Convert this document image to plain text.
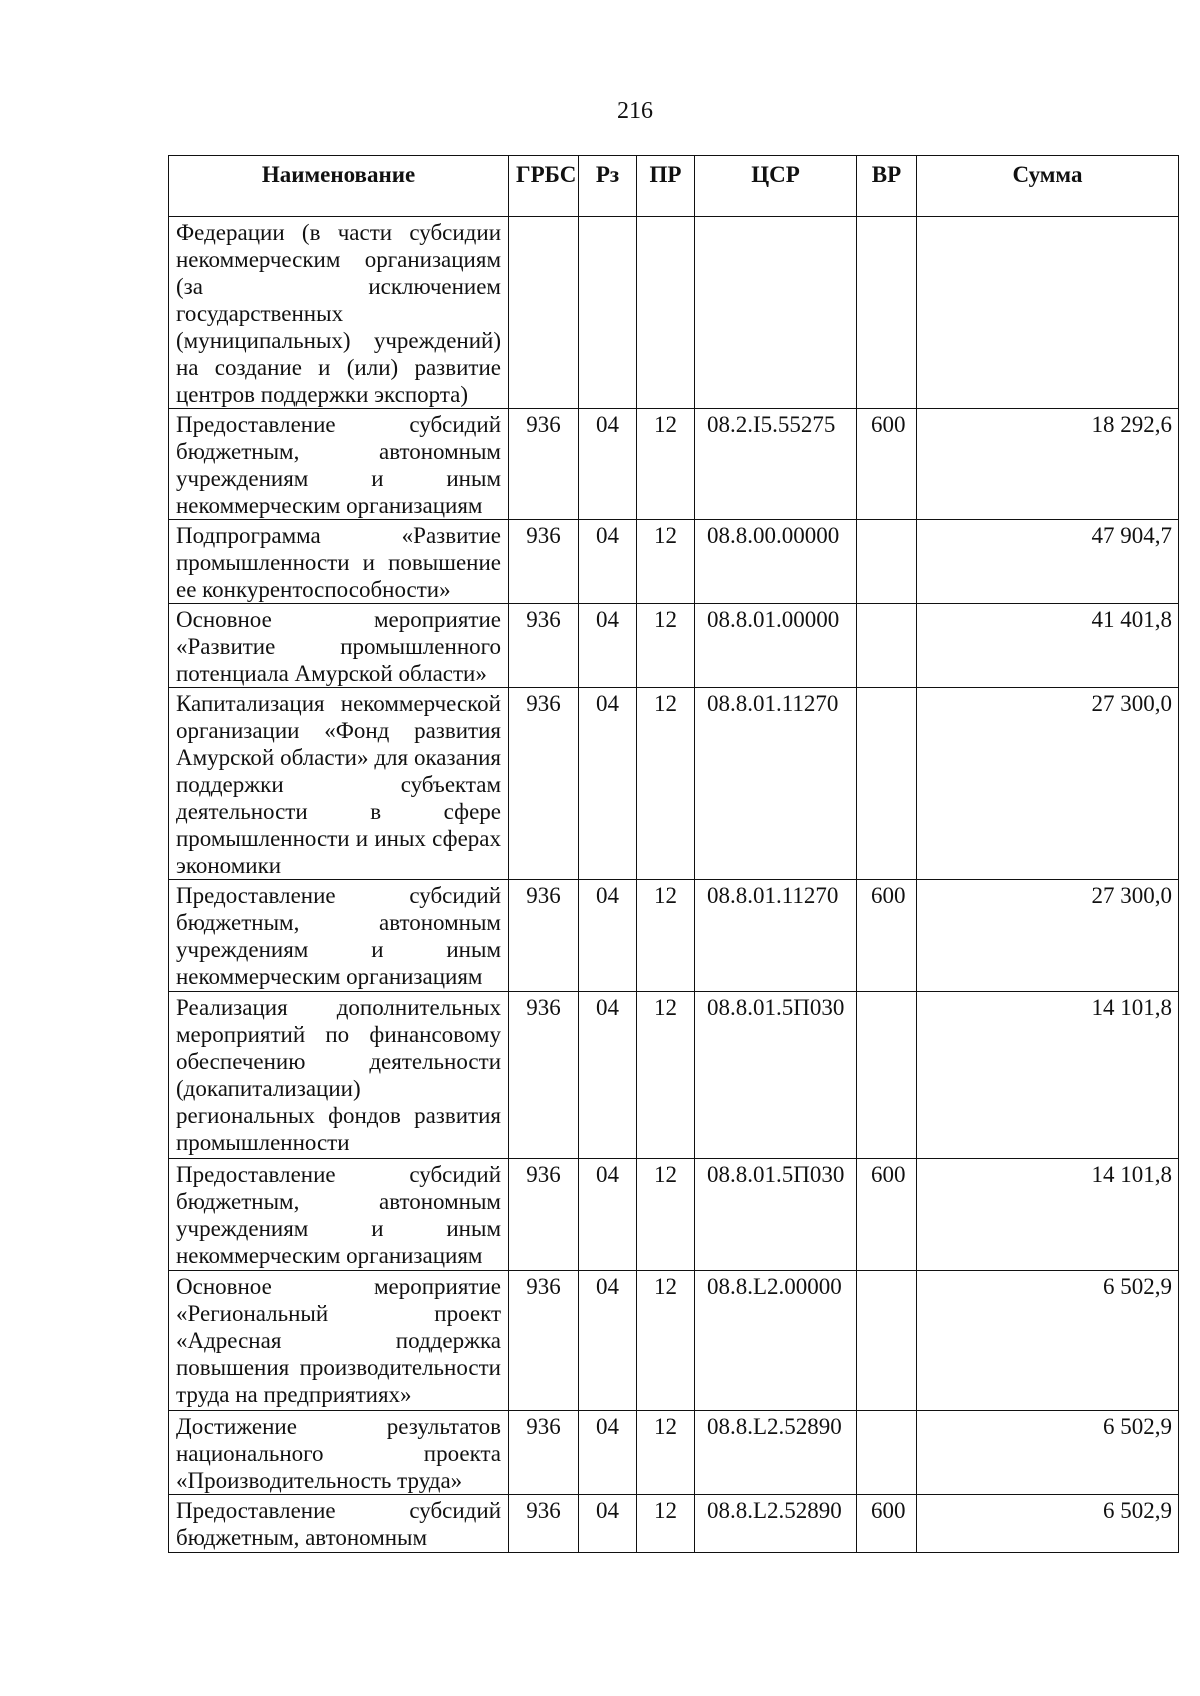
216
Наименование	ГРБС	Рз	ПР	ЦСР	ВР	Сумма
Федерации (в части субсидии некоммерческим организациям (за исключением государственных (муниципальных) учреждений) на создание и (или) развитие центров поддержки экспорта)						
Предоставление субсидий бюджетным, автономным учреждениям и иным некоммерческим организациям	936	04	12	08.2.I5.55275	600	18 292,6
Подпрограмма «Развитие промышленности и повышение ее конкурентоспособности»	936	04	12	08.8.00.00000		47 904,7
Основное мероприятие «Развитие промышленного потенциала Амурской области»	936	04	12	08.8.01.00000		41 401,8
Капитализация некоммерческой организации «Фонд развития Амурской области» для оказания поддержки субъектам деятельности в сфере промышленности и иных сферах экономики	936	04	12	08.8.01.11270		27 300,0
Предоставление субсидий бюджетным, автономным учреждениям и иным некоммерческим организациям	936	04	12	08.8.01.11270	600	27 300,0
Реализация дополнительных мероприятий по финансовому обеспечению деятельности (докапитализации) региональных фондов развития промышленности	936	04	12	08.8.01.5П030		14 101,8
Предоставление субсидий бюджетным, автономным учреждениям и иным некоммерческим организациям	936	04	12	08.8.01.5П030	600	14 101,8
Основное мероприятие «Региональный проект «Адресная поддержка повышения производительности труда на предприятиях»	936	04	12	08.8.L2.00000		6 502,9
Достижение результатов национального проекта «Производительность труда»	936	04	12	08.8.L2.52890		6 502,9
Предоставление субсидий бюджетным, автономным	936	04	12	08.8.L2.52890	600	6 502,9
